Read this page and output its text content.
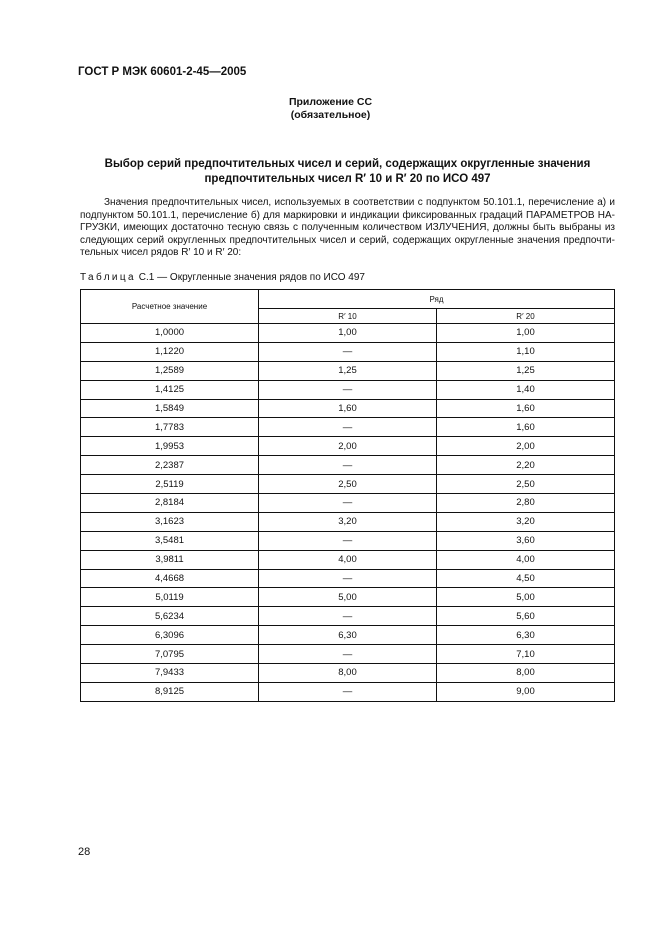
ГОСТ Р МЭК 60601-2-45—2005
Приложение СС
(обязательное)
Выбор серий предпочтительных чисел и серий, содержащих округленные значения
предпочтительных чисел R′ 10 и R′ 20 по ИСО 497

Значения предпочтительных чисел, используемых в соответствии с подпунктом 50.101.1, перечисление а) и подпунктом 50.101.1, перечисление б) для маркировки и индикации фиксированных градаций ПАРАМЕТРОВ НАГРУЗКИ, имеющих достаточно тесную связь с полученным количеством ИЗЛУЧЕНИЯ, должны быть выбраны из следующих серий округленных предпочтительных чисел и серий, содержащих округленные значения предпочтительных чисел рядов R′ 10 и R′ 20:

Таблица С.1 — Округленные значения рядов по ИСО 497
Расчетное значение	Ряд	
	R′ 10	R′ 20
1,0000	1,00	1,00
1,1220	—	1,10
1,2589	1,25	1,25
1,4125	—	1,40
1,5849	1,60	1,60
1,7783	—	1,60
1,9953	2,00	2,00
2,2387	—	2,20
2,5119	2,50	2,50
2,8184	—	2,80
3,1623	3,20	3,20
3,5481	—	3,60
3,9811	4,00	4,00
4,4668	—	4,50
5,0119	5,00	5,00
5,6234	—	5,60
6,3096	6,30	6,30
7,0795	—	7,10
7,9433	8,00	8,00
8,9125	—	9,00
28
